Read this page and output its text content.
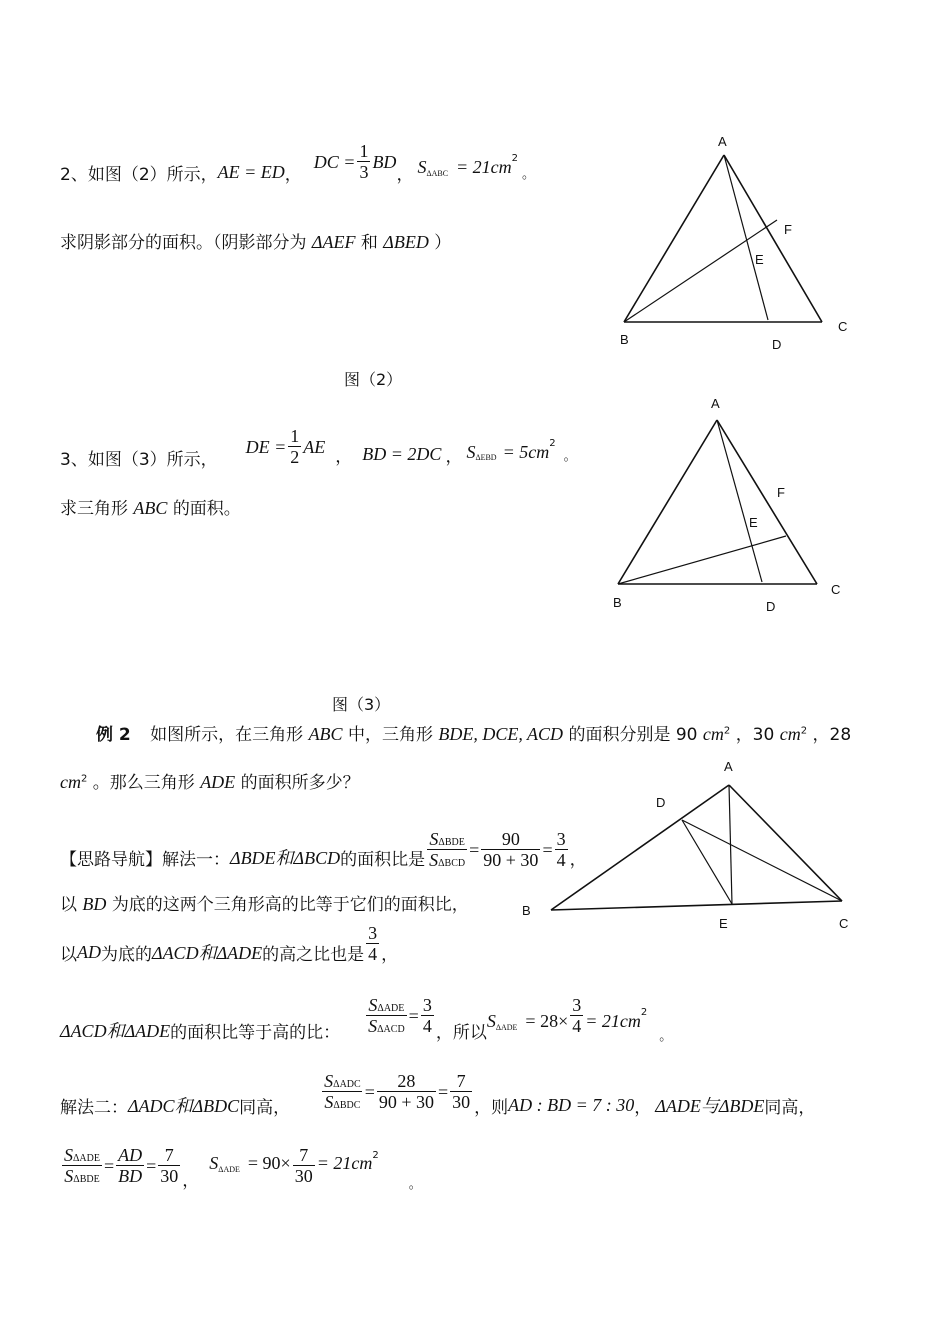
2、如图（2）所示， AE = ED ，
DC = $\frac{1}{3}$ BD
， S ΔABC = 21cm 2
。
求阴影部分的面积。（阴影部分为 ΔAEF 和 ΔBED ）
A
F
E
B	D
C
图（2）
3、如图（3）所示，
DE = $\frac{1}{2}$ AE ， BD = 2DC ， S ΔEBD = 5cm 2
。
求三角形 ABC 的面积。
A
F
E
B	D
C
图（3）
例 2 如图所示，在三角形 ABC 中，三角形 BDE, DCE, ACD 的面积分别是 90 $cm^2$ ，30 $cm^2$ ，28
$cm^2$ 。那么三角形 ADE 的面积所多少？
【思路导航】解法一： ΔBDE和ΔBCD 的面积比是 $\frac{\text{SΔBDE}}{\text{SΔBCD}} = \frac{90}{90 + 30} = \frac{3}{4}$ ，
以 BD 为底的这两个三角形高的比等于它们的面积比，
以 AD 为底的 ΔACD和ΔADE 的高之比也是 $\frac{3}{4}$ ，
ΔACD和ΔADE 的面积比等于高的比： $\frac{\text{SΔADE}}{\text{SΔACD}} = \frac{3}{4}$ ，所以
S $\Delta ADE = 28\times \frac{3}{4} = 21cm$ 2
。
解法二： ΔADC和ΔBDC 同高， $\frac{\text{SΔADC}}{\text{SΔBDC}} = \frac{28}{90 + 30} = \frac{7}{30}$ ，则 AD : BD = 7 : 30 ， ΔADE与ΔBDE 同高，
$\frac{\text{SΔADE}}{\text{SΔBDE}} = \frac{AD}{BD} = \frac{7}{30}$ ，
S $\Delta ADE = 90\times \frac{7}{30} = 21cm$ 2
。
A
D
B
E	C
